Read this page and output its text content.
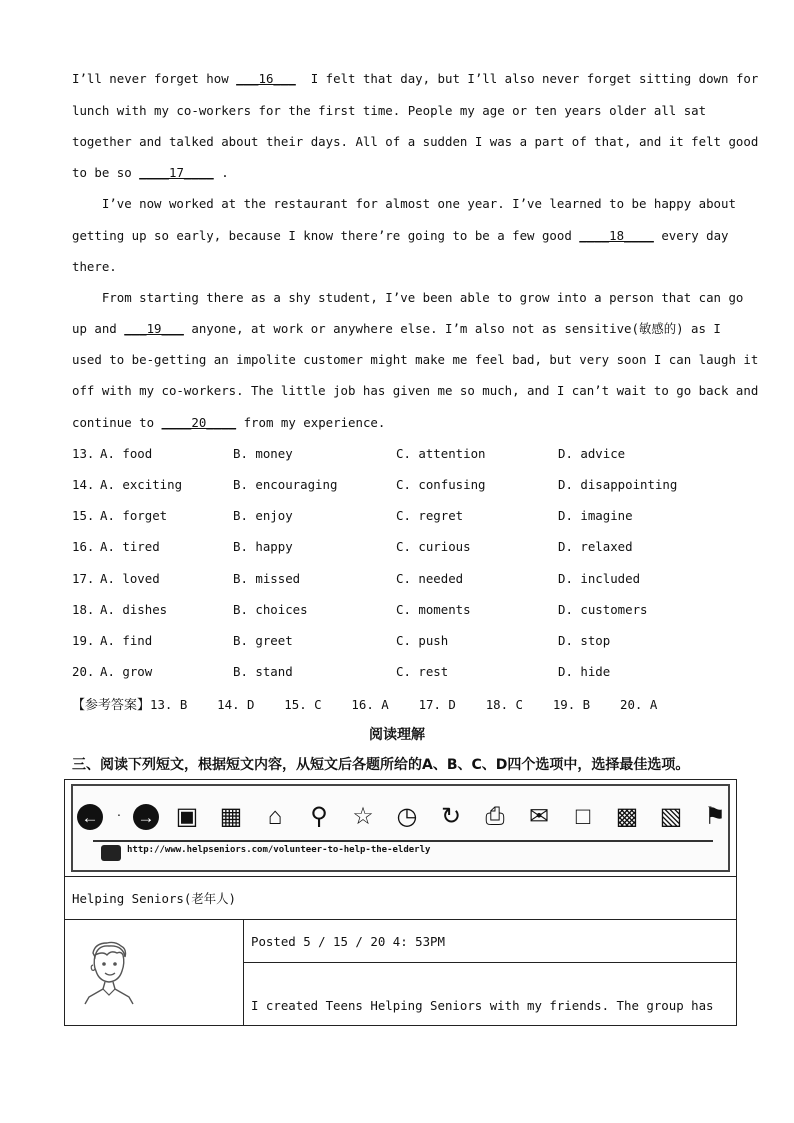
I’ll never forget how ___16___  I felt that day, but I’ll also never forget sitting down for
lunch with my co-workers for the first time. People my age or ten years older all sat
together and talked about their days. All of a sudden I was a part of that, and it felt good
to be so ____17____ .
I’ve now worked at the restaurant for almost one year. I’ve learned to be happy about
getting up so early, because I know there’re going to be a few good ____18____ every day
there.
From starting there as a shy student, I’ve been able to grow into a person that can go
up and ___19___ anyone, at work or anywhere else. I’m also not as sensitive(敏感的) as I
used to be-getting an impolite customer might make me feel bad, but very soon I can laugh it
off with my co-workers. The little job has given me so much, and I can’t wait to go back and
continue to ____20____ from my experience.
13. A. food	B. money	C. attention	D. advice
14. A. exciting	B. encouraging	C. confusing	D. disappointing
15. A. forget	B. enjoy	C. regret	D. imagine
16. A. tired	B. happy	C. curious	D. relaxed
17. A. loved	B. missed	C. needed	D. included
18. A. dishes	B. choices	C. moments	D. customers
19. A. find	B. greet	C. push	D. stop
20. A. grow	B. stand	C. rest	D. hide
【参考答案】13. B    14. D    15. C    16. A    17. D    18. C    19. B    20. A
阅读理解
三、阅读下列短文，根据短文内容，从短文后各题所给的A、B、C、D四个选项中，选择最佳选项。
←	· → ▣ ▦	⌂	⚲	☆ ◷ ↻ ⎙ ✉	□	▩ ▧ ⚑
http://www.helpseniors.com/volunteer-to-help-the-elderly

Helping Seniors(老年人)

	Posted 5 / 15 / 20 4: 53PM

I created Teens Helping Seniors with my friends. The group has
